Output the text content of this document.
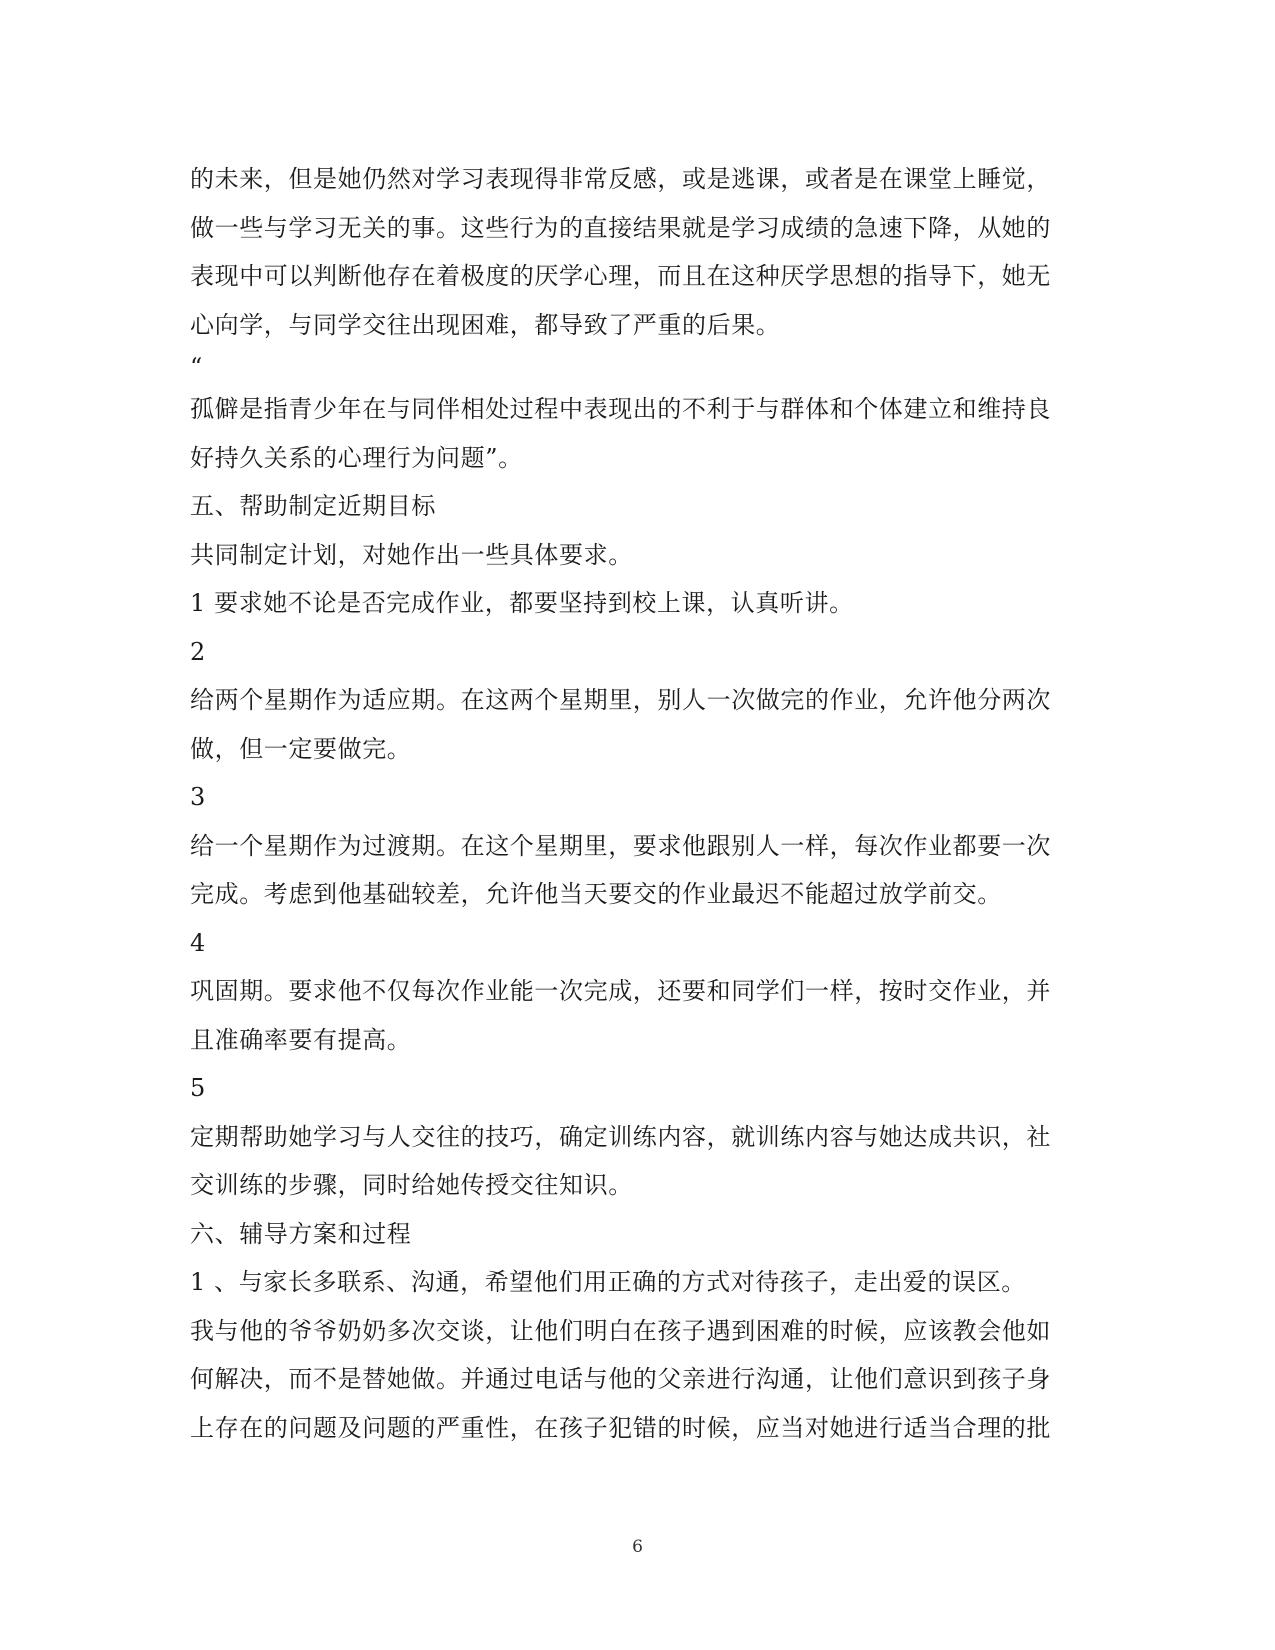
的未来，但是她仍然对学习表现得非常反感，或是逃课，或者是在课堂上睡觉，
做一些与学习无关的事。这些行为的直接结果就是学习成绩的急速下降，从她的
表现中可以判断他存在着极度的厌学心理，而且在这种厌学思想的指导下，她无
心向学，与同学交往出现困难，都导致了严重的后果。
“
孤僻是指青少年在与同伴相处过程中表现出的不利于与群体和个体建立和维持良
好持久关系的心理行为问题”。
五、帮助制定近期目标
共同制定计划，对她作出一些具体要求。
1 要求她不论是否完成作业，都要坚持到校上课，认真听讲。
2
给两个星期作为适应期。在这两个星期里，别人一次做完的作业，允许他分两次
做，但一定要做完。
3
给一个星期作为过渡期。在这个星期里，要求他跟别人一样，每次作业都要一次
完成。考虑到他基础较差，允许他当天要交的作业最迟不能超过放学前交。
4
巩固期。要求他不仅每次作业能一次完成，还要和同学们一样，按时交作业，并
且准确率要有提高。
5
定期帮助她学习与人交往的技巧，确定训练内容，就训练内容与她达成共识，社
交训练的步骤，同时给她传授交往知识。
六、辅导方案和过程
1 、与家长多联系、沟通，希望他们用正确的方式对待孩子，走出爱的误区。
我与他的爷爷奶奶多次交谈，让他们明白在孩子遇到困难的时候，应该教会他如
何解决，而不是替她做。并通过电话与他的父亲进行沟通，让他们意识到孩子身
上存在的问题及问题的严重性，在孩子犯错的时候，应当对她进行适当合理的批
6
